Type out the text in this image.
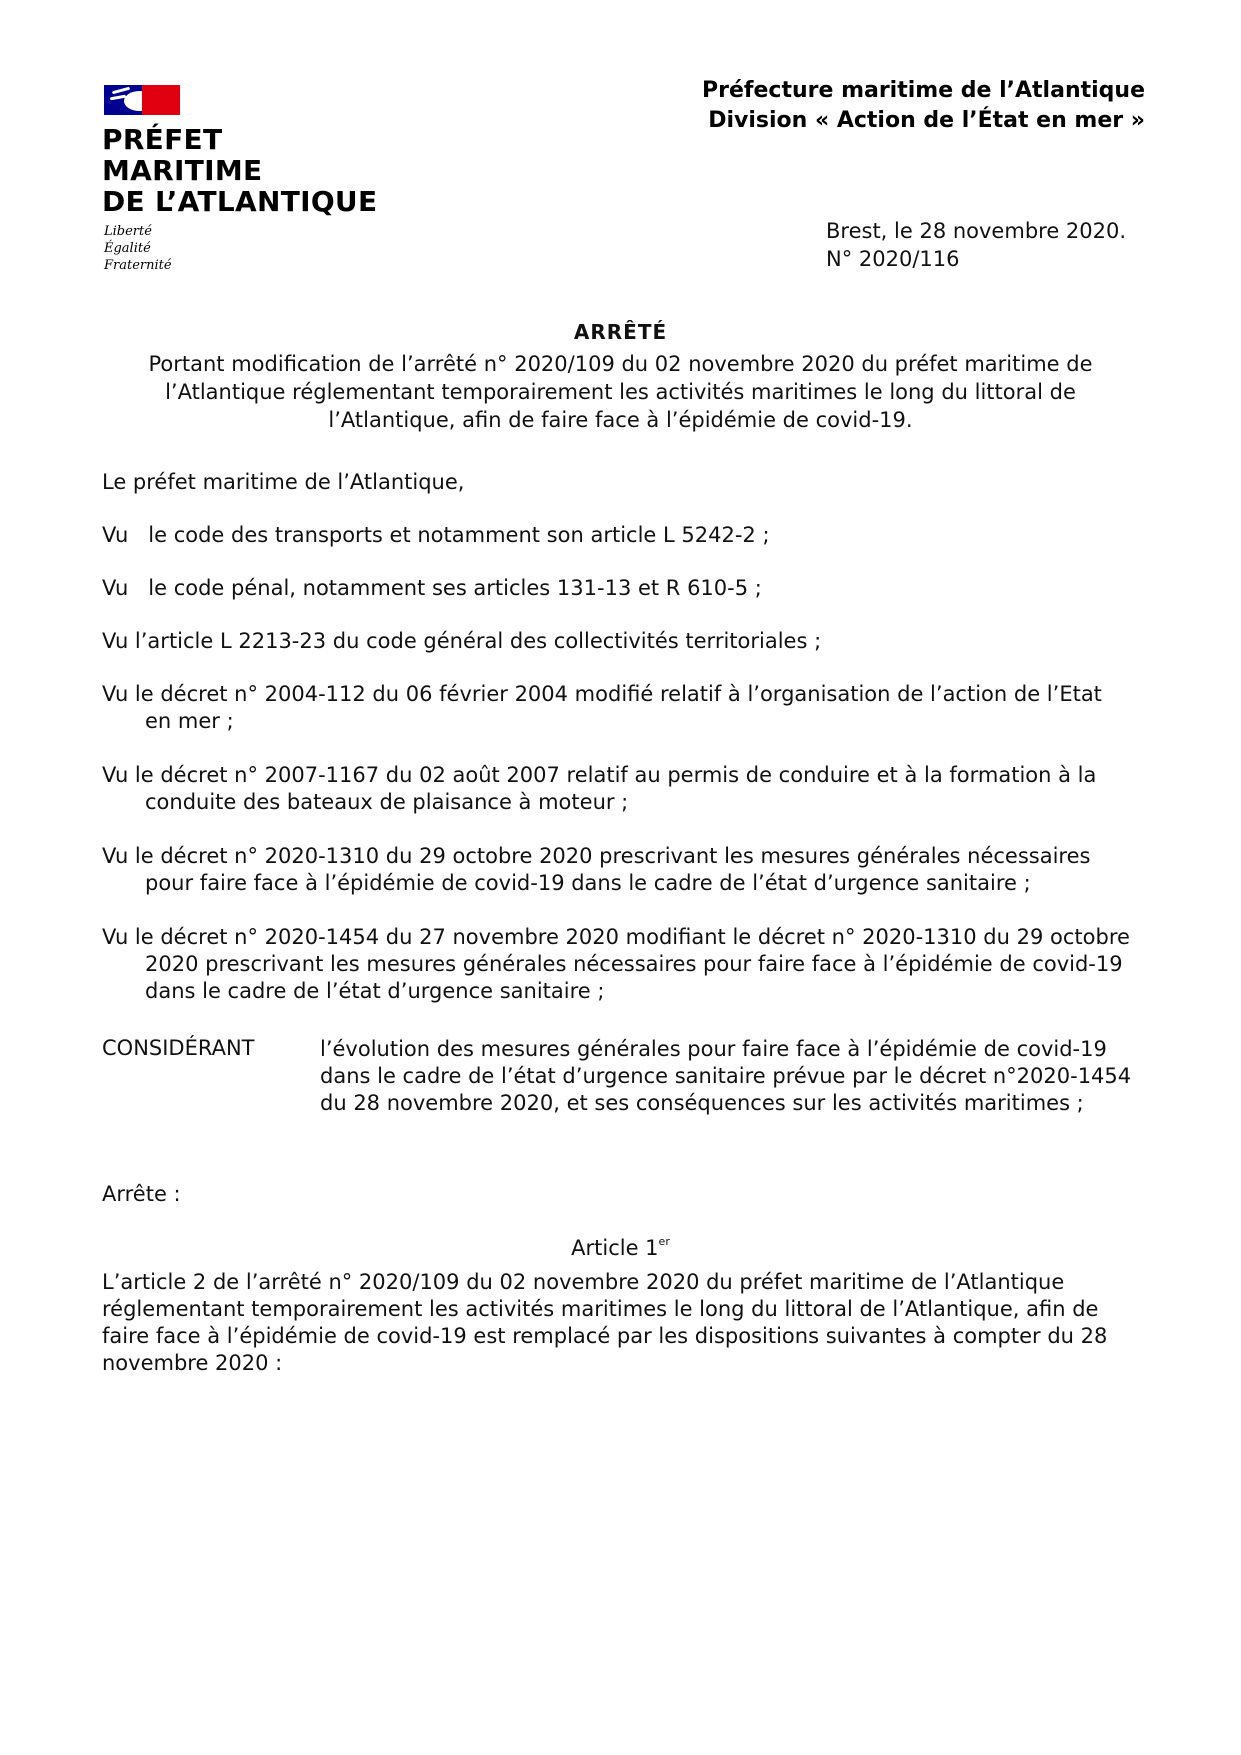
PRÉFET
MARITIME
DE L’ATLANTIQUE
Liberté
Égalité
Fraternité
Préfecture maritime de l’Atlantique
Division « Action de l’État en mer »
Brest, le 28 novembre 2020.
N° 2020/116
ARRÊTÉ
Portant modification de l’arrêté n° 2020/109 du 02 novembre 2020 du préfet maritime de
l’Atlantique réglementant temporairement les activités maritimes le long du littoral de
l’Atlantique, afin de faire face à l’épidémie de covid-19.
Le préfet maritime de l’Atlantique,
Vu le code des transports et notamment son article L 5242-2 ;
Vu le code pénal, notamment ses articles 131-13 et R 610-5 ;
Vu l’article L 2213-23 du code général des collectivités territoriales ;
Vu le décret n° 2004-112 du 06 février 2004 modifié relatif à l’organisation de l’action de l’Etat
en mer ;
Vu le décret n° 2007-1167 du 02 août 2007 relatif au permis de conduire et à la formation à la
conduite des bateaux de plaisance à moteur ;
Vu le décret n° 2020-1310 du 29 octobre 2020 prescrivant les mesures générales nécessaires
pour faire face à l’épidémie de covid-19 dans le cadre de l’état d’urgence sanitaire ;
Vu le décret n° 2020-1454 du 27 novembre 2020 modifiant le décret n° 2020-1310 du 29 octobre
2020 prescrivant les mesures générales nécessaires pour faire face à l’épidémie de covid-19
dans le cadre de l’état d’urgence sanitaire ;
CONSIDÉRANT	l’évolution des mesures générales pour faire face à l’épidémie de covid-19
dans le cadre de l’état d’urgence sanitaire prévue par le décret n°2020-1454
du 28 novembre 2020, et ses conséquences sur les activités maritimes ;
Arrête :
Article 1er
L’article 2 de l’arrêté n° 2020/109 du 02 novembre 2020 du préfet maritime de l’Atlantique
réglementant temporairement les activités maritimes le long du littoral de l’Atlantique, afin de
faire face à l’épidémie de covid-19 est remplacé par les dispositions suivantes à compter du 28
novembre 2020 :
